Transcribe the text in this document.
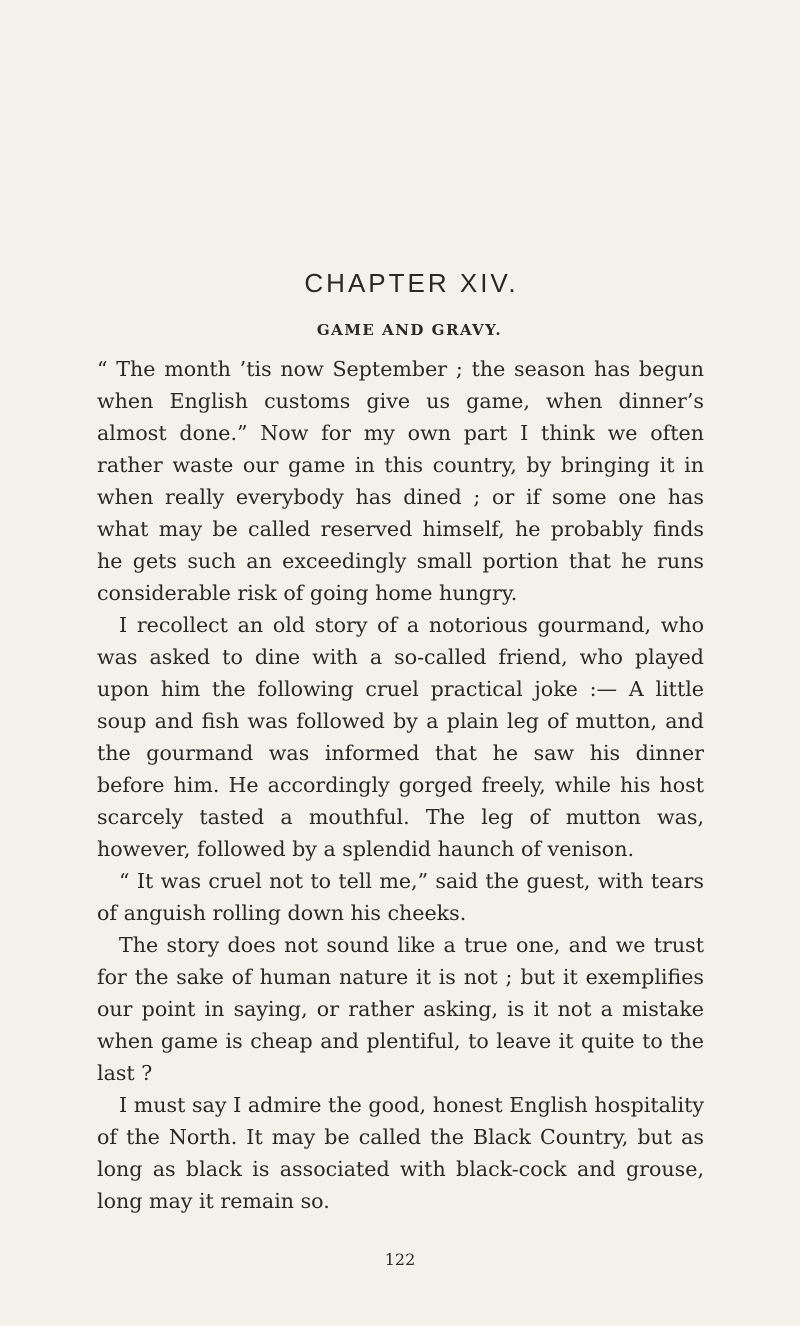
CHAPTER XIV.
GAME AND GRAVY.

“ The month ’tis now September ; the season has begun when English customs give us game, when dinner’s almost done.” Now for my own part I think we often rather waste our game in this country, by bringing it in when really everybody has dined ; or if some one has what may be called reserved himself, he probably finds he gets such an exceedingly small portion that he runs considerable risk of going home hungry.

I recollect an old story of a notorious gourmand, who was asked to dine with a so-called friend, who played upon him the following cruel practical joke :— A little soup and fish was followed by a plain leg of mutton, and the gourmand was informed that he saw his dinner before him. He accordingly gorged freely, while his host scarcely tasted a mouthful. The leg of mutton was, however, followed by a splendid haunch of venison.

“ It was cruel not to tell me,” said the guest, with tears of anguish rolling down his cheeks.

The story does not sound like a true one, and we trust for the sake of human nature it is not ; but it exemplifies our point in saying, or rather asking, is it not a mistake when game is cheap and plentiful, to leave it quite to the last ?

I must say I admire the good, honest English hospitality of the North. It may be called the Black Country, but as long as black is associated with black-cock and grouse, long may it remain so.

122
